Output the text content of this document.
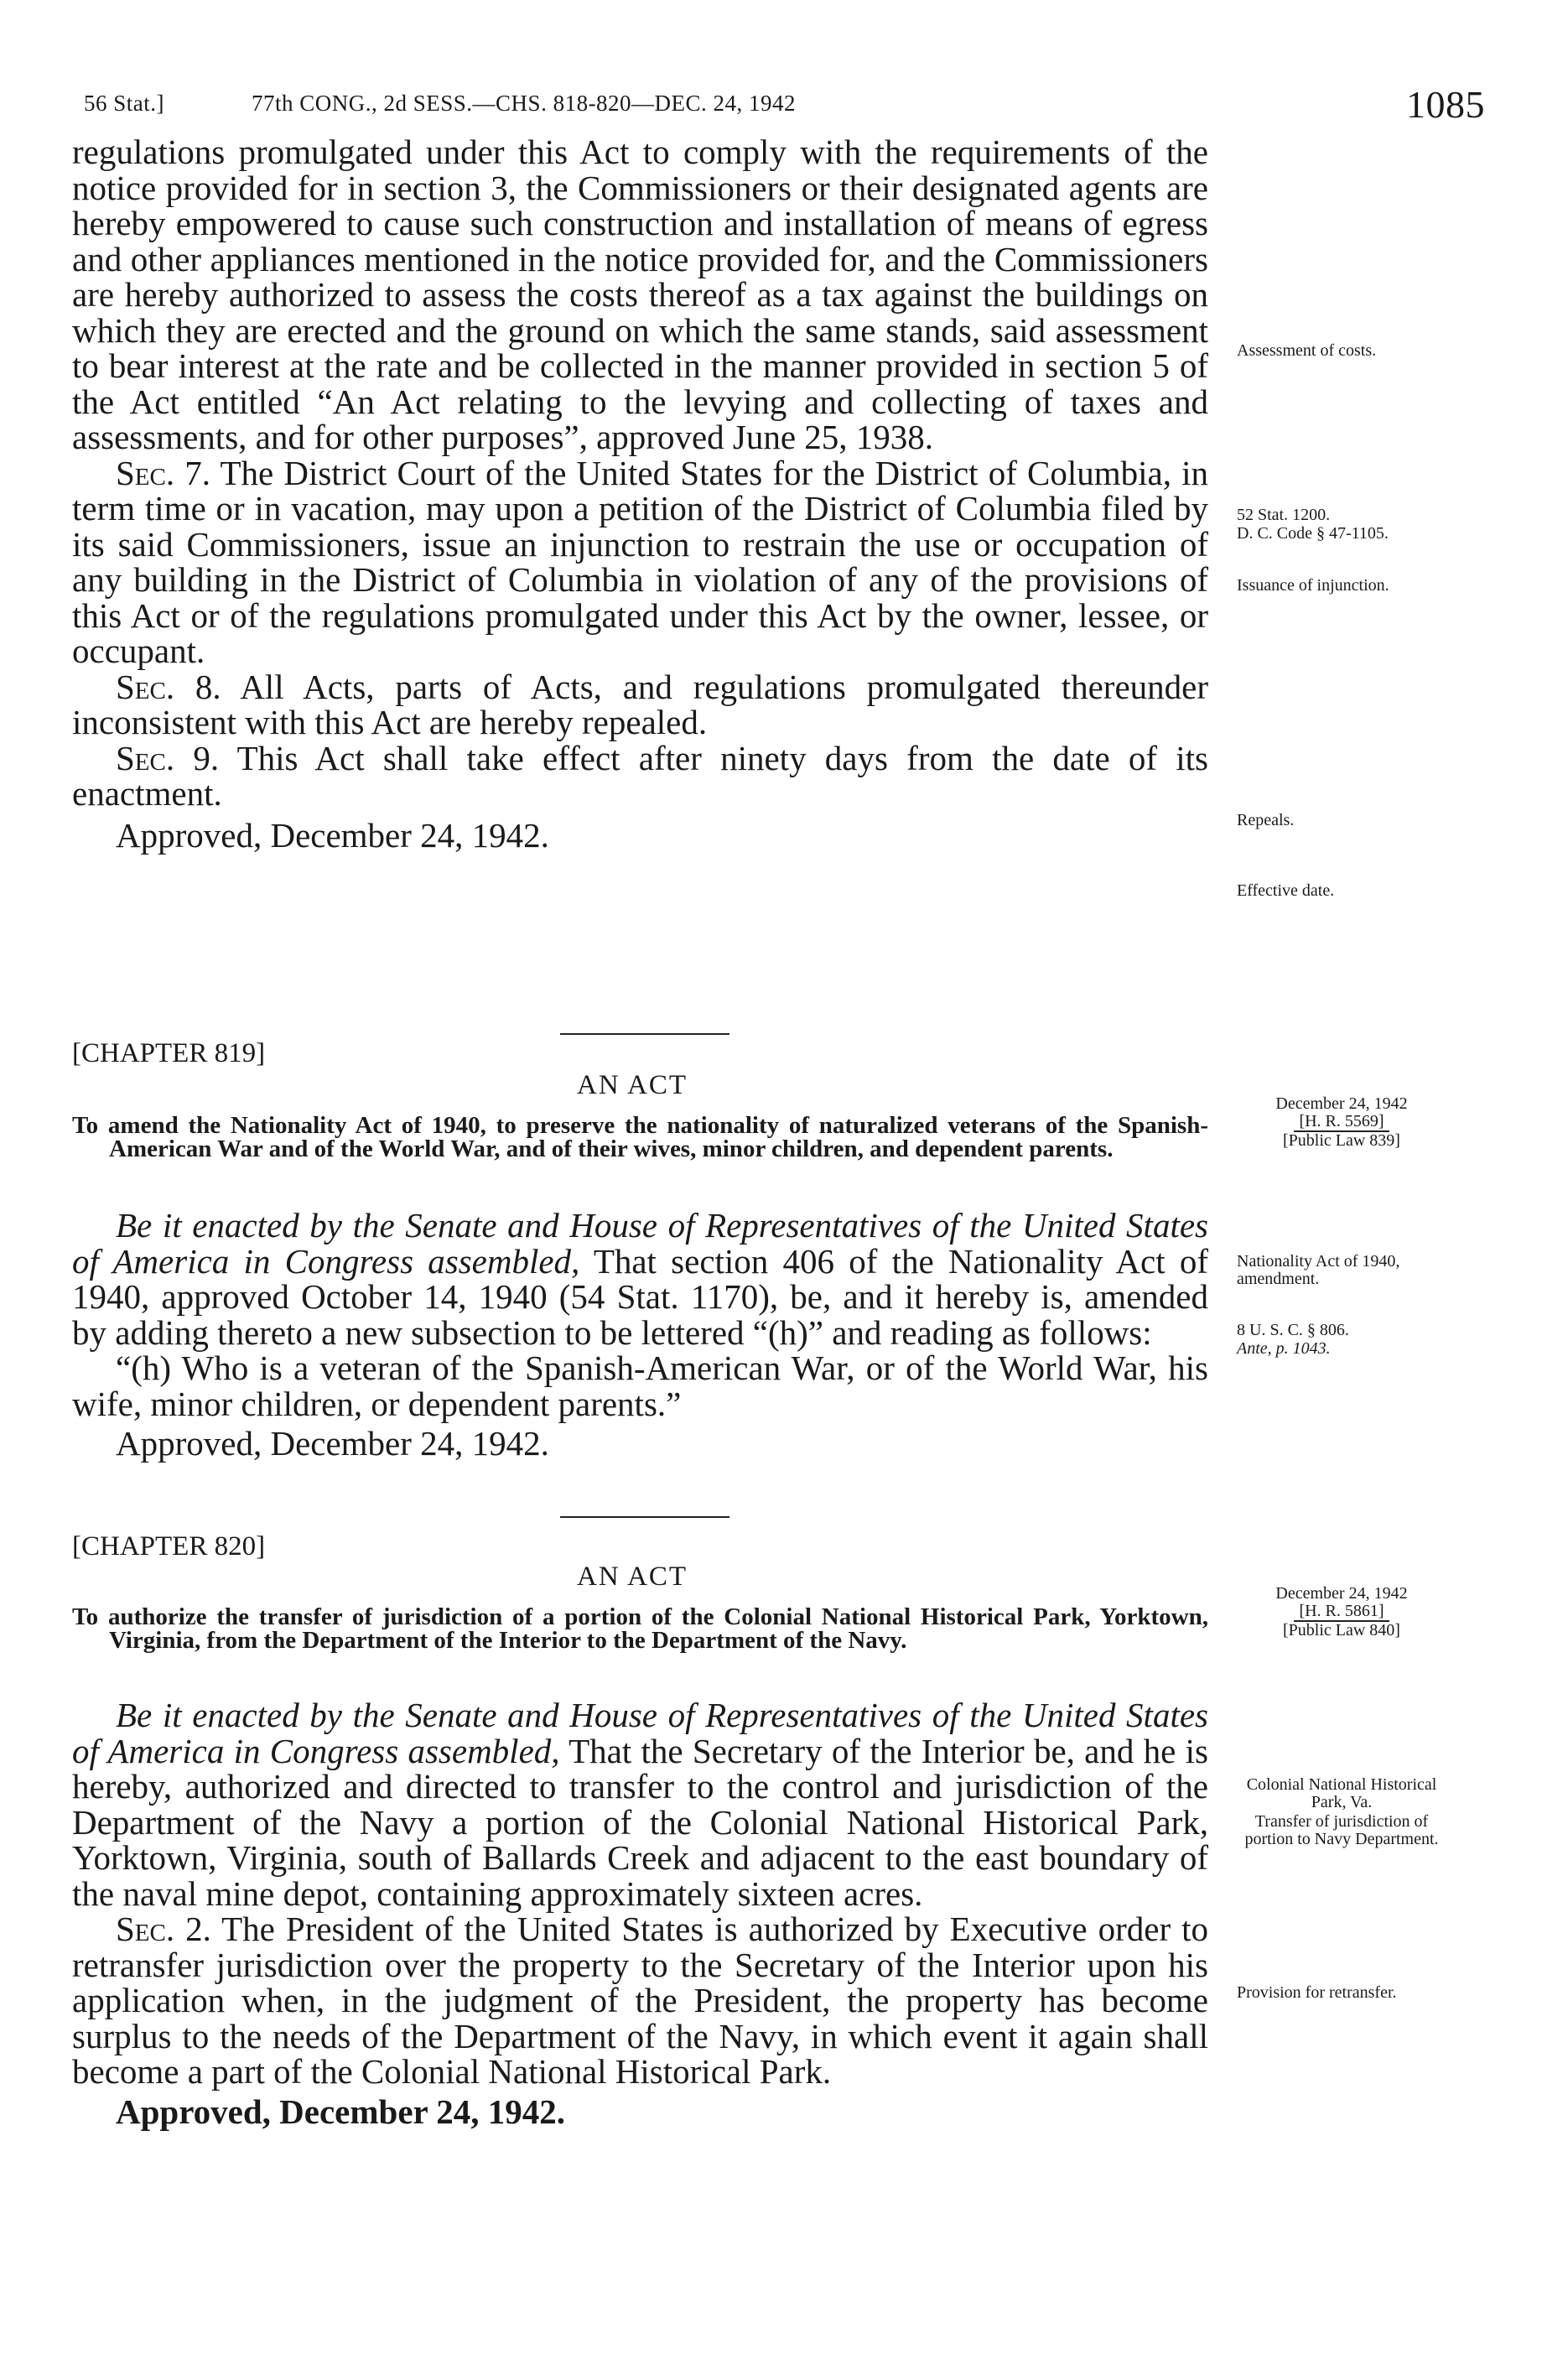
56 Stat.]	77th CONG., 2d SESS.—CHS. 818-820—DEC. 24, 1942	1085

regulations promulgated under this Act to comply with the requirements of the notice provided for in section 3, the Commissioners or their designated agents are hereby empowered to cause such construction and installation of means of egress and other appliances mentioned in the notice provided for, and the Commissioners are hereby authorized to assess the costs thereof as a tax against the buildings on which they are erected and the ground on which the same stands, said assessment to bear interest at the rate and be collected in the manner provided in section 5 of the Act entitled “An Act relating to the levying and collecting of taxes and assessments, and for other purposes”, approved June 25, 1938.

Sec. 7. The District Court of the United States for the District of Columbia, in term time or in vacation, may upon a petition of the District of Columbia filed by its said Commissioners, issue an injunction to restrain the use or occupation of any building in the District of Columbia in violation of any of the provisions of this Act or of the regulations promulgated under this Act by the owner, lessee, or occupant.

Sec. 8. All Acts, parts of Acts, and regulations promulgated thereunder inconsistent with this Act are hereby repealed.

Sec. 9. This Act shall take effect after ninety days from the date of its enactment.

Approved, December 24, 1942.

Assessment of costs.
52 Stat. 1200.
D. C. Code § 47-1105.
Issuance of injunction.
Repeals.
Effective date.
[CHAPTER 819]
AN ACT

To amend the Nationality Act of 1940, to preserve the nationality of naturalized veterans of the Spanish-American War and of the World War, and of their wives, minor children, and dependent parents.

Be it enacted by the Senate and House of Representatives of the United States of America in Congress assembled, That section 406 of the Nationality Act of 1940, approved October 14, 1940 (54 Stat. 1170), be, and it hereby is, amended by adding thereto a new subsection to be lettered “(h)” and reading as follows:

“(h) Who is a veteran of the Spanish-American War, or of the World War, his wife, minor children, or dependent parents.”

Approved, December 24, 1942.

December 24, 1942
[H. R. 5569]
[Public Law 839]
Nationality Act of 1940, amendment.
8 U. S. C. § 806.
Ante, p. 1043.
[CHAPTER 820]
AN ACT

To authorize the transfer of jurisdiction of a portion of the Colonial National Historical Park, Yorktown, Virginia, from the Department of the Interior to the Department of the Navy.

Be it enacted by the Senate and House of Representatives of the United States of America in Congress assembled, That the Secretary of the Interior be, and he is hereby, authorized and directed to transfer to the control and jurisdiction of the Department of the Navy a portion of the Colonial National Historical Park, Yorktown, Virginia, south of Ballards Creek and adjacent to the east boundary of the naval mine depot, containing approximately sixteen acres.

Sec. 2. The President of the United States is authorized by Executive order to retransfer jurisdiction over the property to the Secretary of the Interior upon his application when, in the judgment of the President, the property has become surplus to the needs of the Department of the Navy, in which event it again shall become a part of the Colonial National Historical Park.

Approved, December 24, 1942.

December 24, 1942
[H. R. 5861]
[Public Law 840]
Colonial National Historical Park, Va.
Transfer of jurisdiction of portion to Navy Department.
Provision for retransfer.
